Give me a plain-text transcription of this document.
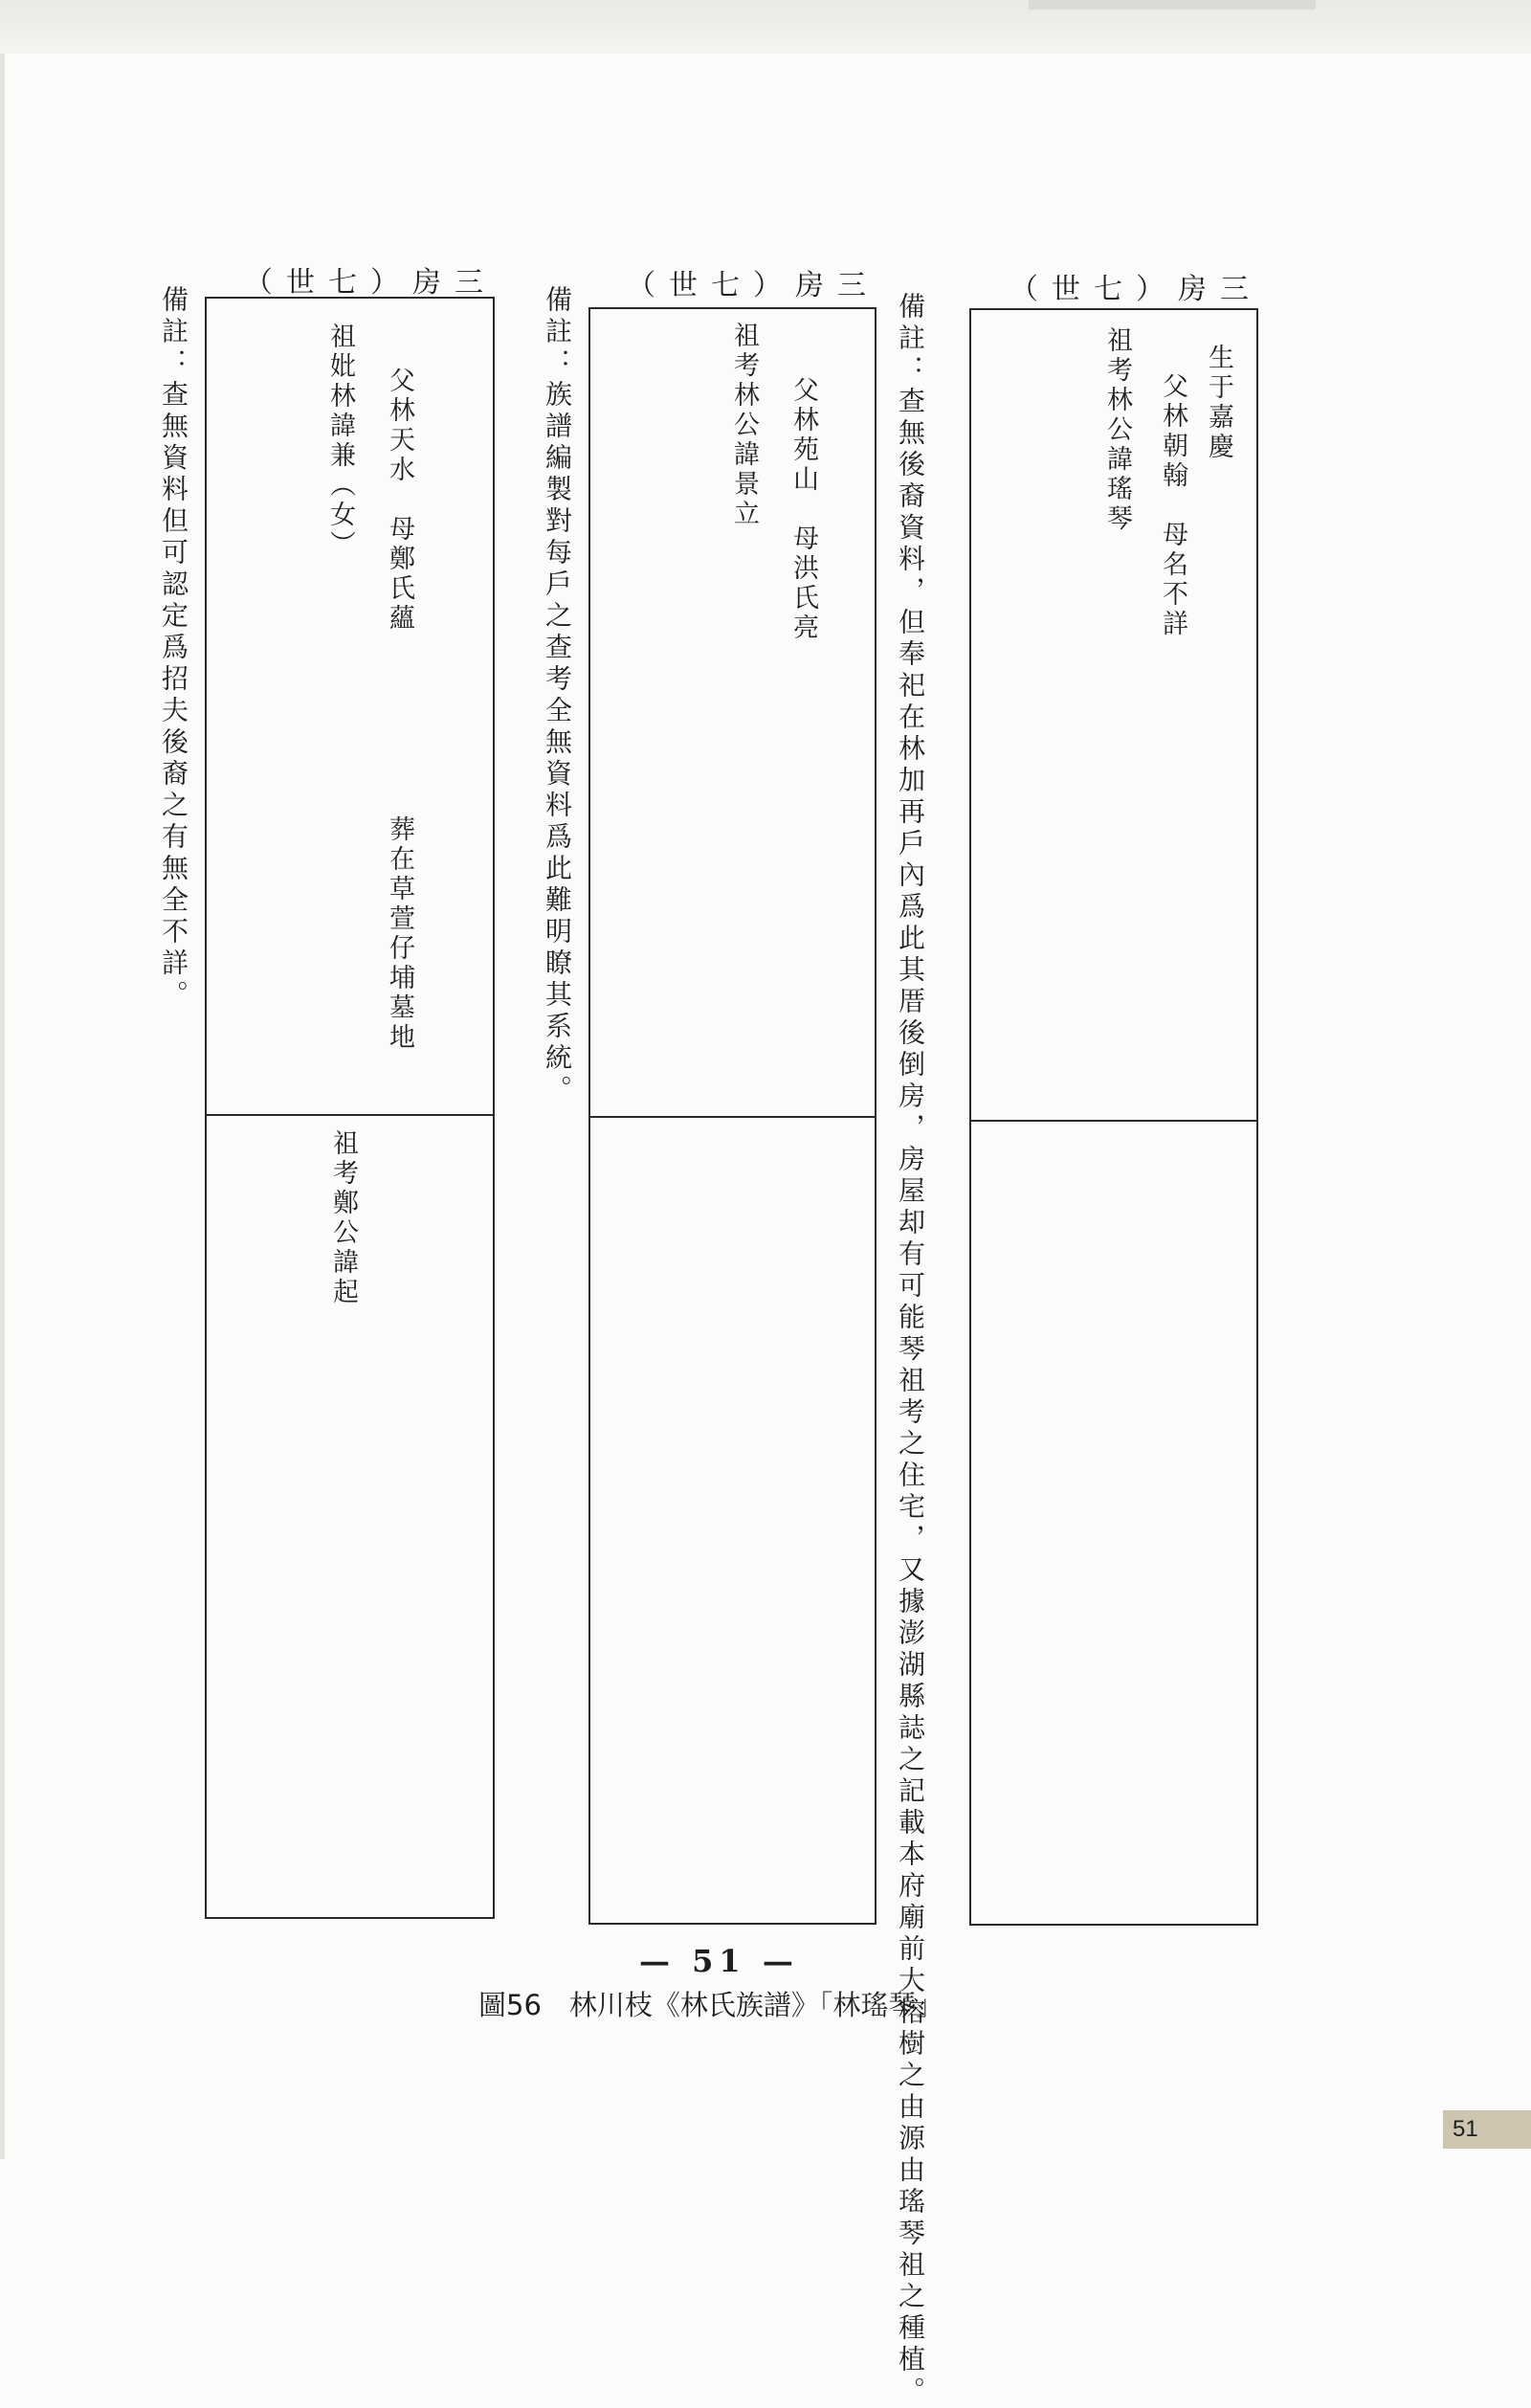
（世七）房三

備註：查無後裔資料，但奉祀在林加再戶內爲此其厝後倒房，房屋却有可能琴祖考之住宅，又據澎湖縣誌之記載本府廟前大榕樹之由源由瑤琴祖之種植。	生于嘉慶

父林朝翰　母名不詳

祖考林公諱瑤琴

（世七）房三

備註：族譜編製對每戶之查考全無資料爲此難明瞭其系統。	父林苑山　母洪氏亮

祖考林公諱景立

（世七）房三

備註：查無資料但可認定爲招夫後裔之有無全不詳。	父林天水　母鄭氏蘊

葬在草萱仔埔墓地

祖妣林諱兼（女）

祖考鄭公諱起

— 51 —
圖56　林川枝《林氏族譜》「林瑤琴」
51
